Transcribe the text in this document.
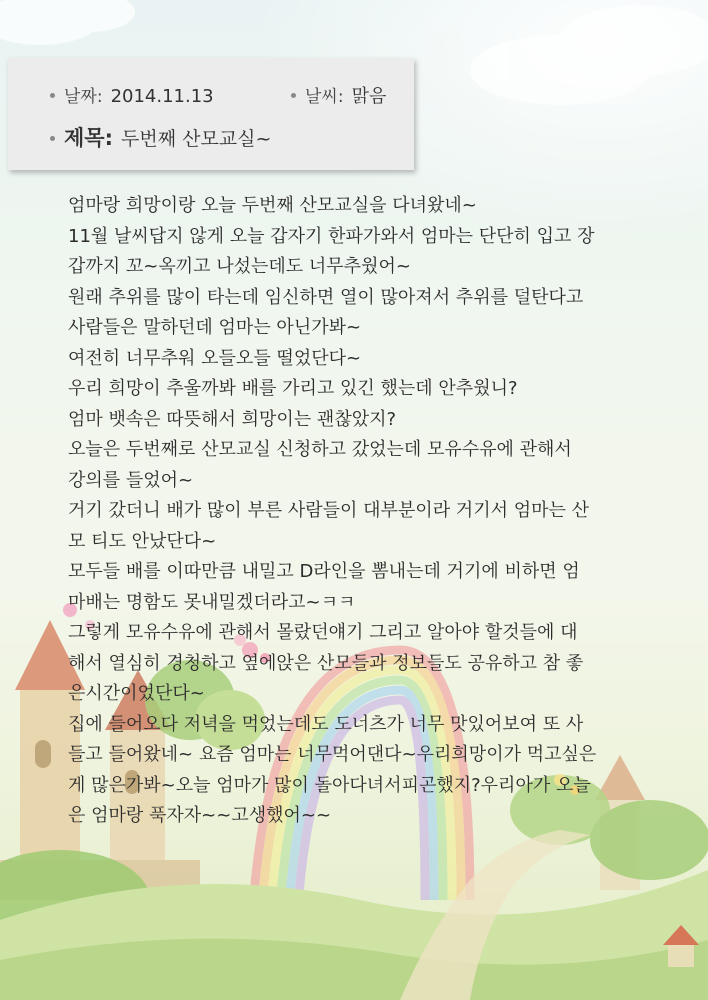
날짜: 2014.11.13	날씨: 맑음
제목: 두번째 산모교실~
엄마랑 희망이랑 오늘 두번째 산모교실을 다녀왔네~
11월 날씨답지 않게 오늘 갑자기 한파가와서 엄마는 단단히 입고 장
갑까지 꼬~옥끼고 나섰는데도 너무추웠어~
원래 추위를 많이 타는데 임신하면 열이 많아져서 추위를 덜탄다고
사람들은 말하던데 엄마는 아닌가봐~
여전히 너무추워 오들오들 떨었단다~
우리 희망이 추울까봐 배를 가리고 있긴 했는데 안추웠니?
엄마 뱃속은 따뜻해서 희망이는 괜찮았지?
오늘은 두번째로 산모교실 신청하고 갔었는데 모유수유에 관해서
강의를 들었어~
거기 갔더니 배가 많이 부른 사람들이 대부분이라 거기서 엄마는 산
모 티도 안났단다~
모두들 배를 이따만큼 내밀고 D라인을 뽐내는데 거기에 비하면 엄
마배는 명함도 못내밀겠더라고~ㅋㅋ
그렇게 모유수유에 관해서 몰랐던얘기 그리고 알아야 할것들에 대
해서 열심히 경청하고 옆에앉은 산모들과 정보들도 공유하고 참 좋
은시간이었단다~
집에 들어오다 저녁을 먹었는데도 도너츠가 너무 맛있어보여 또 사
들고 들어왔네~ 요즘 엄마는 너무먹어댄다~우리희망이가 먹고싶은
게 많은가봐~오늘 엄마가 많이 돌아다녀서피곤했지?우리아가 오늘
은 엄마랑 푹자자~~고생했어~~
